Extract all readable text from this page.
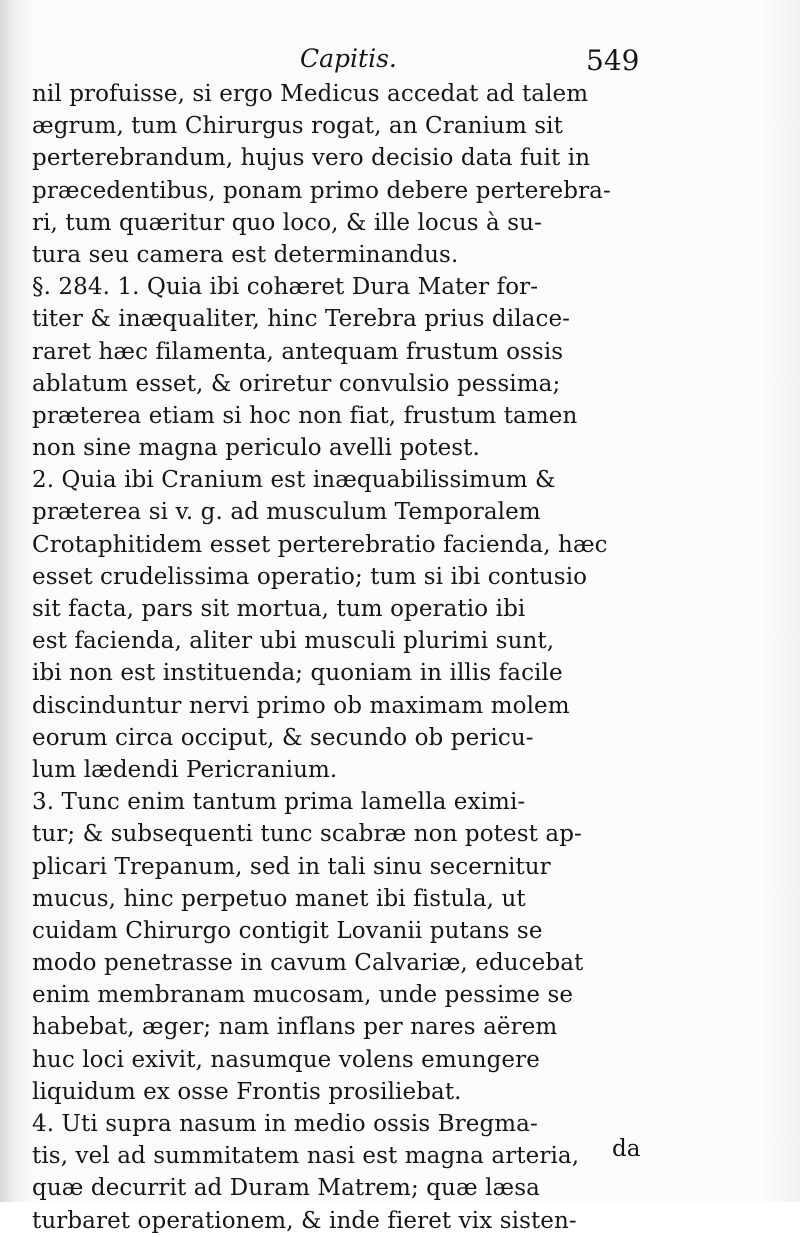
Capitis.	549
nil profuisse, si ergo Medicus accedat ad talem
ægrum, tum Chirurgus rogat, an Cranium sit
perterebrandum, hujus vero decisio data fuit in
præcedentibus, ponam primo debere perterebra-
ri, tum quæritur quo loco, & ille locus à su-
tura seu camera est determinandus.
§. 284. 1. Quia ibi cohæret Dura Mater for-
titer & inæqualiter, hinc Terebra prius dilace-
raret hæc filamenta, antequam frustum ossis
ablatum esset, & oriretur convulsio pessima;
præterea etiam si hoc non fiat, frustum tamen
non sine magna periculo avelli potest.
2. Quia ibi Cranium est inæquabilissimum &
præterea si v. g. ad musculum Temporalem
Crotaphitidem esset perterebratio facienda, hæc
esset crudelissima operatio; tum si ibi contusio
sit facta, pars sit mortua, tum operatio ibi
est facienda, aliter ubi musculi plurimi sunt,
ibi non est instituenda; quoniam in illis facile
discinduntur nervi primo ob maximam molem
eorum circa occiput, & secundo ob pericu-
lum lædendi Pericranium.
3. Tunc enim tantum prima lamella eximi-
tur; & subsequenti tunc scabræ non potest ap-
plicari Trepanum, sed in tali sinu secernitur
mucus, hinc perpetuo manet ibi fistula, ut
cuidam Chirurgo contigit Lovanii putans se
modo penetrasse in cavum Calvariæ, educebat
enim membranam mucosam, unde pessime se
habebat, æger; nam inflans per nares aërem
huc loci exivit, nasumque volens emungere
liquidum ex osse Frontis prosiliebat.
4. Uti supra nasum in medio ossis Bregma-
tis, vel ad summitatem nasi est magna arteria,
quæ decurrit ad Duram Matrem; quæ læsa
turbaret operationem, & inde fieret vix sisten-
da
